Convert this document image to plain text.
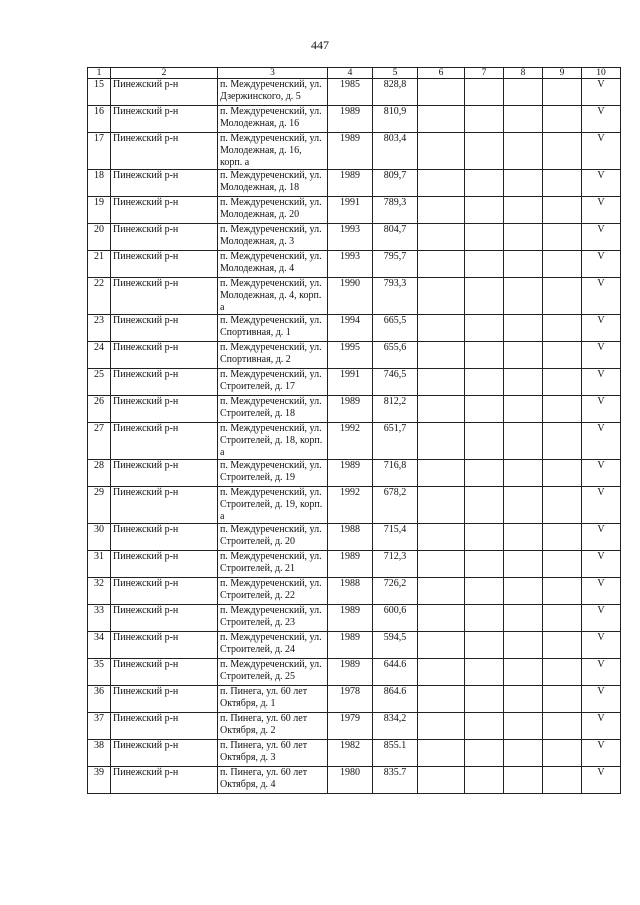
447
1	2	3	4	5	6	7	8	9	10
15	Пинежский р-н	п. Междуреченский, ул. Дзержинского, д. 5	1985	828,8					V
16	Пинежский р-н	п. Междуреченский, ул. Молодежная, д. 16	1989	810,9					V
17	Пинежский р-н	п. Междуреченский, ул. Молодежная, д. 16, корп. а	1989	803,4					V
18	Пинежский р-н	п. Междуреченский, ул. Молодежная, д. 18	1989	809,7					V
19	Пинежский р-н	п. Междуреченский, ул. Молодежная, д. 20	1991	789,3					V
20	Пинежский р-н	п. Междуреченский, ул. Молодежная, д. 3	1993	804,7					V
21	Пинежский р-н	п. Междуреченский, ул. Молодежная, д. 4	1993	795,7					V
22	Пинежский р-н	п. Междуреченский, ул. Молодежная, д. 4, корп. а	1990	793,3					V
23	Пинежский р-н	п. Междуреченский, ул. Спортивная, д. 1	1994	665,5					V
24	Пинежский р-н	п. Междуреченский, ул. Спортивная, д. 2	1995	655,6					V
25	Пинежский р-н	п. Междуреченский, ул. Строителей, д. 17	1991	746,5					V
26	Пинежский р-н	п. Междуреченский, ул. Строителей, д. 18	1989	812,2					V
27	Пинежский р-н	п. Междуреченский, ул. Строителей, д. 18, корп. а	1992	651,7					V
28	Пинежский р-н	п. Междуреченский, ул. Строителей, д. 19	1989	716,8					V
29	Пинежский р-н	п. Междуреченский, ул. Строителей, д. 19, корп. а	1992	678,2					V
30	Пинежский р-н	п. Междуреченский, ул. Строителей, д. 20	1988	715,4					V
31	Пинежский р-н	п. Междуреченский, ул. Строителей, д. 21	1989	712,3					V
32	Пинежский р-н	п. Междуреченский, ул. Строителей, д. 22	1988	726,2					V
33	Пинежский р-н	п. Междуреченский, ул. Строителей, д. 23	1989	600,6					V
34	Пинежский р-н	п. Междуреченский, ул. Строителей, д. 24	1989	594,5					V
35	Пинежский р-н	п. Междуреченский, ул. Строителей, д. 25	1989	644.6					V
36	Пинежский р-н	п. Пинега, ул. 60 лет Октября, д. 1	1978	864.6					V
37	Пинежский р-н	п. Пинега, ул. 60 лет Октября, д. 2	1979	834,2					V
38	Пинежский р-н	п. Пинега, ул. 60 лет Октября, д. 3	1982	855.1					V
39	Пинежский р-н	п. Пинега, ул. 60 лет Октября, д. 4	1980	835.7					V
